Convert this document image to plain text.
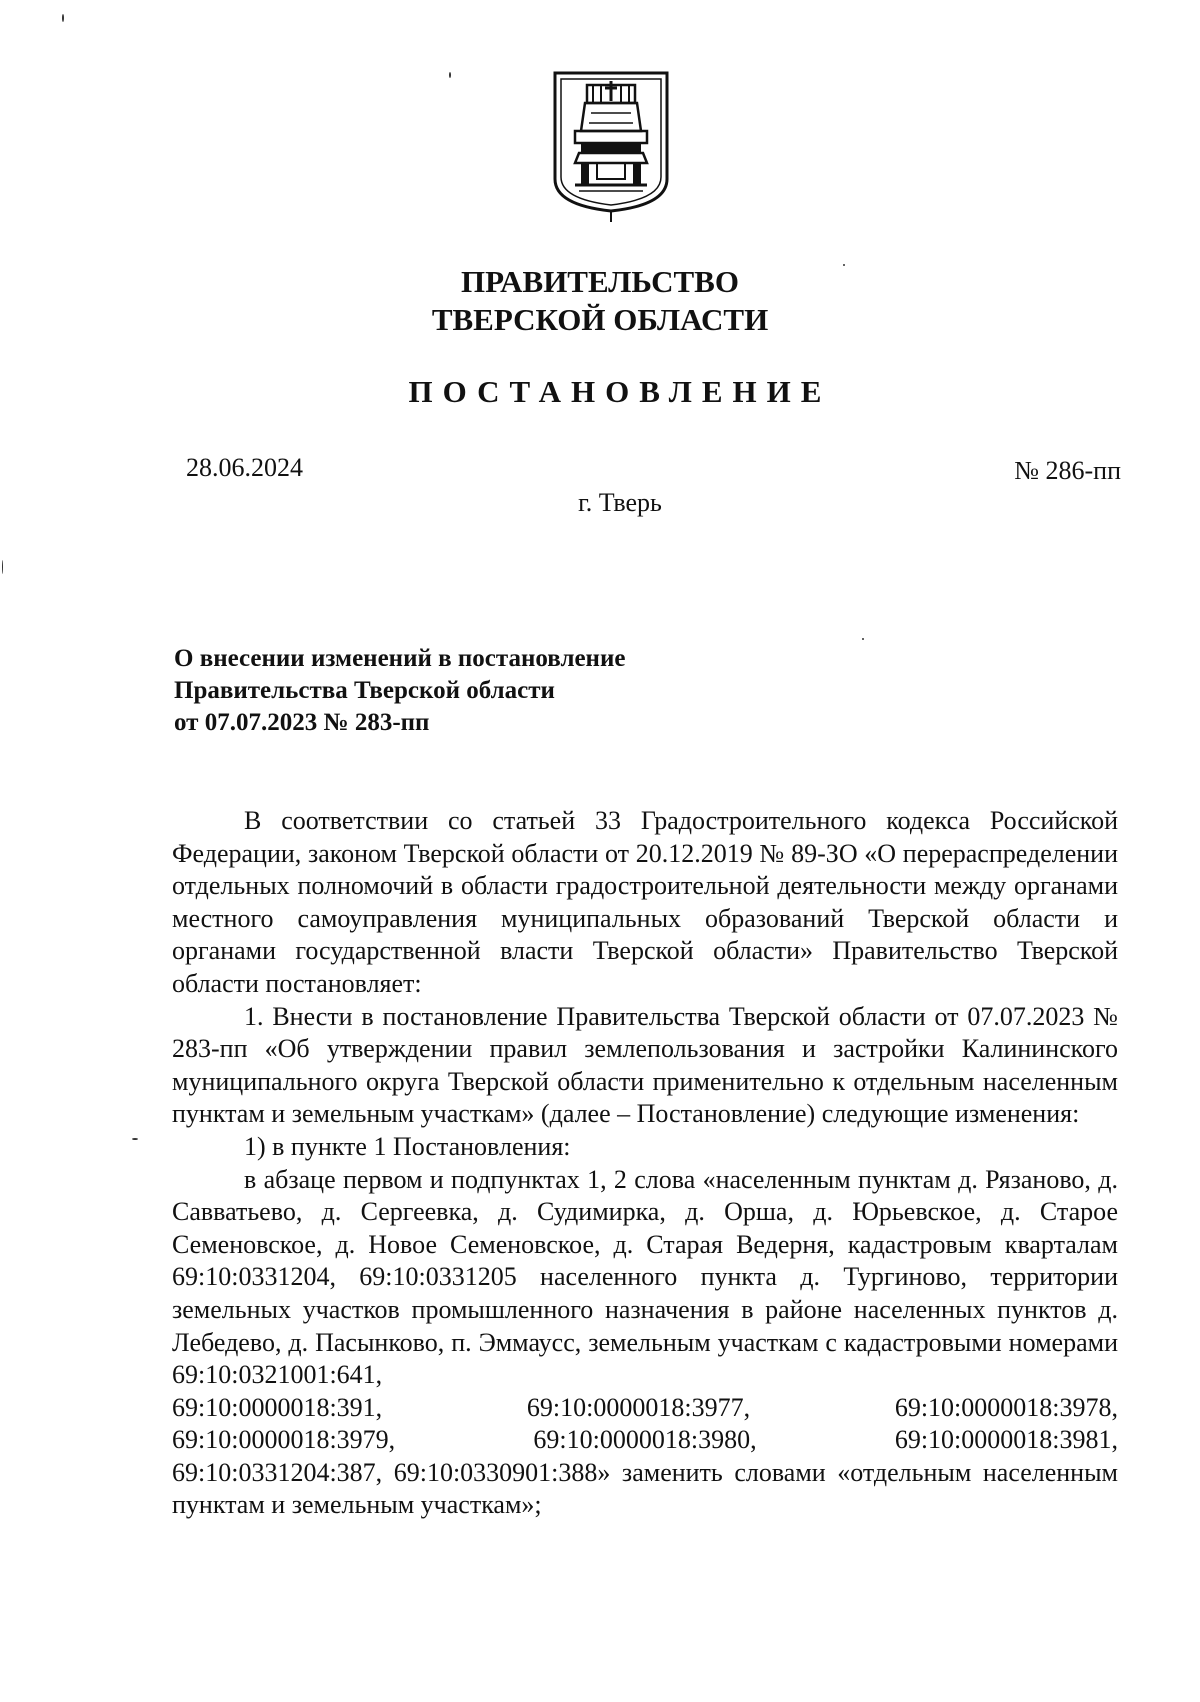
ПРАВИТЕЛЬСТВО
ТВЕРСКОЙ ОБЛАСТИ
ПОСТАНОВЛЕНИЕ
28.06.2024	№ 286-пп
г. Тверь
О внесении изменений в постановление
Правительства Тверской области
от 07.07.2023 № 283-пп

В соответствии со статьей 33 Градостроительного кодекса Российской Федерации, законом Тверской области от 20.12.2019 № 89-ЗО «О перераспределении отдельных полномочий в области градостроительной деятельности между органами местного самоуправления муниципальных образований Тверской области и органами государственной власти Тверской области» Правительство Тверской области постановляет:

1. Внести в постановление Правительства Тверской области от 07.07.2023 № 283-пп «Об утверждении правил землепользования и застройки Калининского муниципального округа Тверской области применительно к отдельным населенным пунктам и земельным участкам» (далее – Постановление) следующие изменения:

1) в пункте 1 Постановления:

в абзаце первом и подпунктах 1, 2 слова «населенным пунктам д. Рязаново, д. Савватьево, д. Сергеевка, д. Судимирка, д. Орша, д. Юрьевское, д. Старое Семеновское, д. Новое Семеновское, д. Старая Ведерня, кадастровым кварталам 69:10:0331204, 69:10:0331205 населенного пункта д. Тургиново, территории земельных участков промышленного назначения в районе населенных пунктов д. Лебедево, д. Пасынково, п. Эммаусс, земельным участкам с кадастровыми номерами 69:10:0321001:641,

69:10:0000018:391,	69:10:0000018:3977,	69:10:0000018:3978,
69:10:0000018:3979,	69:10:0000018:3980,	69:10:0000018:3981,

69:10:0331204:387, 69:10:0330901:388» заменить словами «отдельным населенным пунктам и земельным участкам»;
